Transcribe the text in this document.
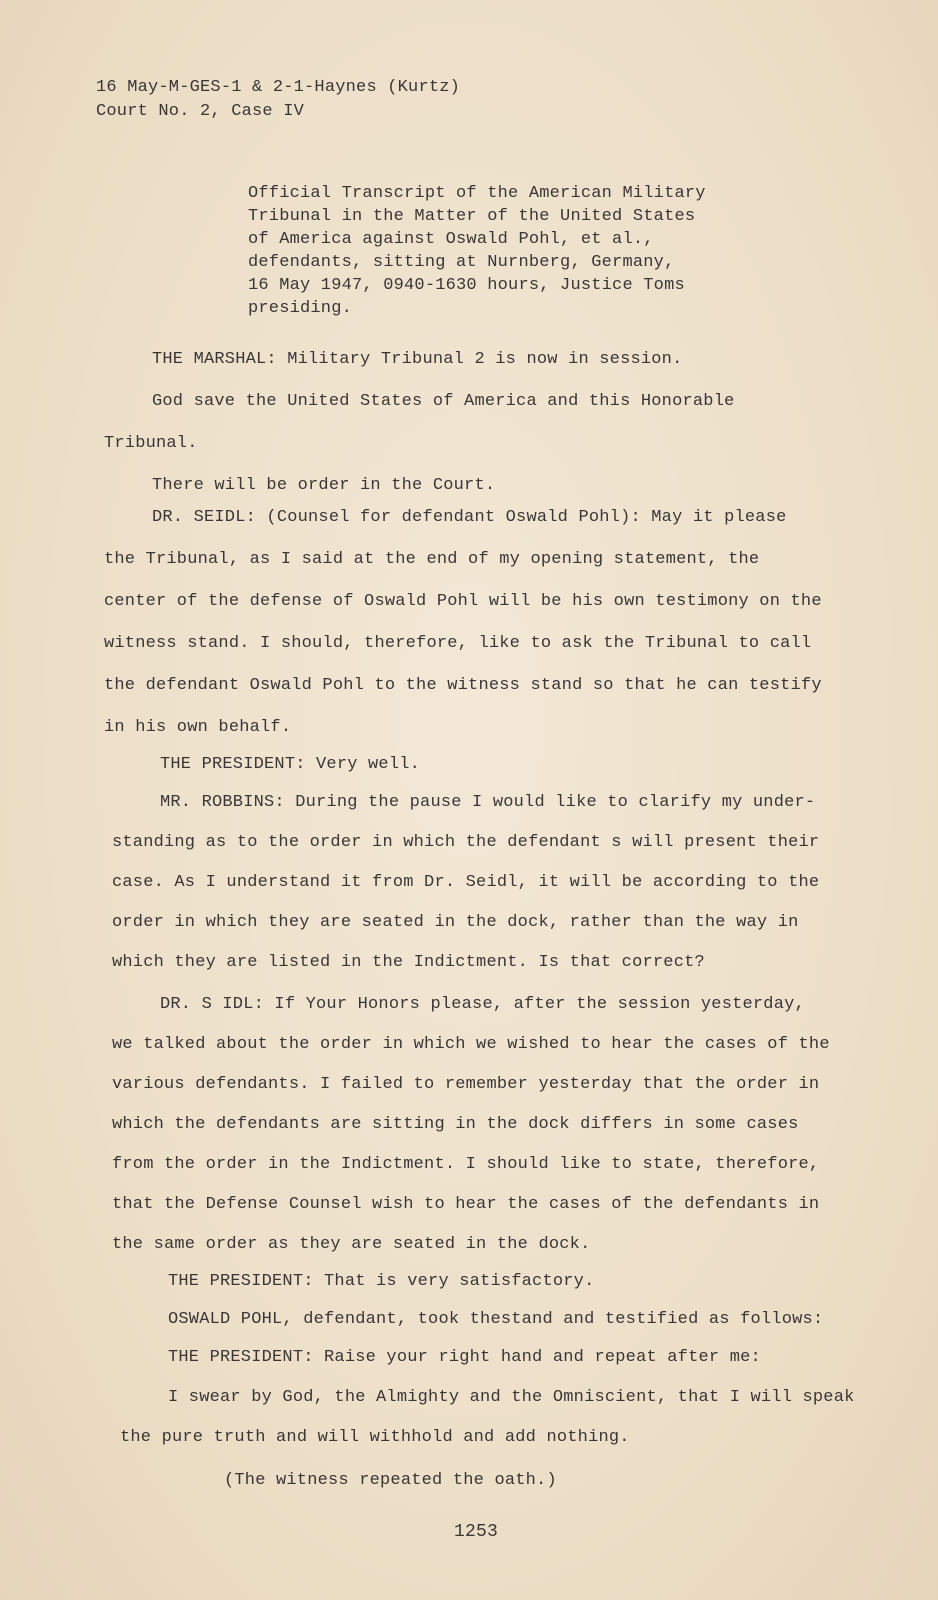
16 May-M-GES-1 & 2-1-Haynes (Kurtz)
Court No. 2, Case IV
Official Transcript of the American Military
Tribunal in the Matter of the United States
of America against Oswald Pohl, et al.,
defendants, sitting at Nurnberg, Germany,
16 May 1947, 0940-1630 hours, Justice Toms
presiding.
THE MARSHAL: Military Tribunal 2 is now in session.
God save the United States of America and this Honorable
Tribunal.
There will be order in the Court.
DR. SEIDL: (Counsel for defendant Oswald Pohl): May it please
the Tribunal, as I said at the end of my opening statement, the
center of the defense of Oswald Pohl will be his own testimony on the
witness stand. I should, therefore, like to ask the Tribunal to call
the defendant Oswald Pohl to the witness stand so that he can testify
in his own behalf.
THE PRESIDENT: Very well.
MR. ROBBINS: During the pause I would like to clarify my under-
standing as to the order in which the defendant s will present their
case. As I understand it from Dr. Seidl, it will be according to the
order in which they are seated in the dock, rather than the way in
which they are listed in the Indictment. Is that correct?
DR. S IDL: If Your Honors please, after the session yesterday,
we talked about the order in which we wished to hear the cases of the
various defendants. I failed to remember yesterday that the order in
which the defendants are sitting in the dock differs in some cases
from the order in the Indictment. I should like to state, therefore,
that the Defense Counsel wish to hear the cases of the defendants in
the same order as they are seated in the dock.
THE PRESIDENT: That is very satisfactory.
OSWALD POHL, defendant, took thestand and testified as follows:
THE PRESIDENT: Raise your right hand and repeat after me:
I swear by God, the Almighty and the Omniscient, that I will speak
the pure truth and will withhold and add nothing.
(The witness repeated the oath.)
1253
